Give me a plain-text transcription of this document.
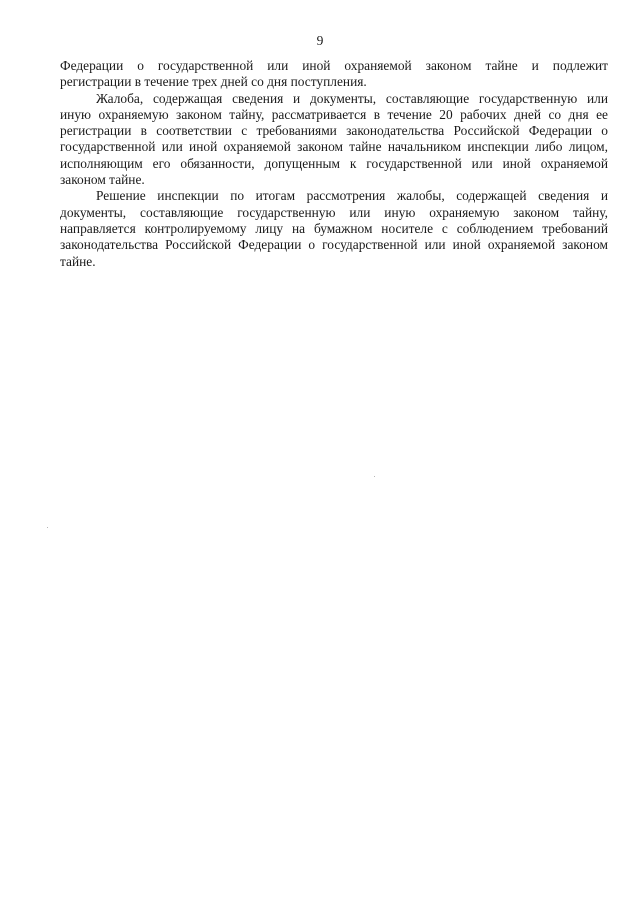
9

Федерации о государственной или иной охраняемой законом тайне и подлежит
регистрации в течение трех дней со дня поступления.

Жалоба, содержащая сведения и документы, составляющие государственную или
иную охраняемую законом тайну, рассматривается в течение 20 рабочих дней со дня ее
регистрации в соответствии с требованиями законодательства Российской Федерации о
государственной или иной охраняемой законом тайне начальником инспекции либо лицом,
исполняющим его обязанности, допущенным к государственной или иной охраняемой
законом тайне.

Решение инспекции по итогам рассмотрения жалобы, содержащей сведения и
документы, составляющие государственную или иную охраняемую законом тайну,
направляется контролируемому лицу на бумажном носителе с соблюдением требований
законодательства Российской Федерации о государственной или иной охраняемой законом
тайне.
